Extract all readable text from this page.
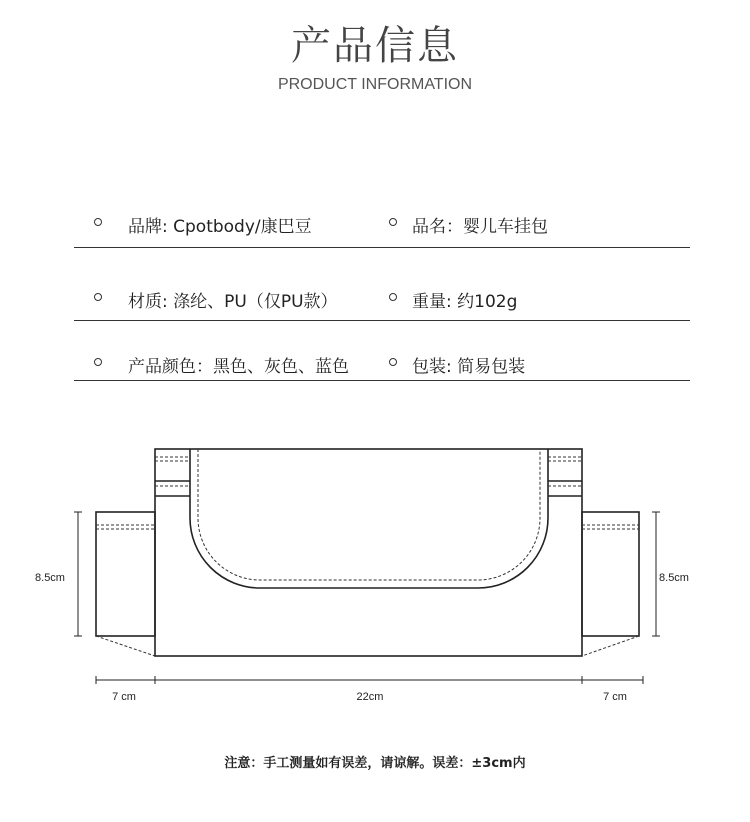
产品信息
PRODUCT INFORMATION
品牌: Cpotbody/康巴豆	品名：婴儿车挂包
材质: 涤纶、PU（仅PU款）	重量: 约102g
产品颜色：黑色、灰色、蓝色	包装: 简易包装
8.5cm	8.5cm
7 cm	22cm	7 cm
注意：手工测量如有误差，请谅解。误差：±3cm内
